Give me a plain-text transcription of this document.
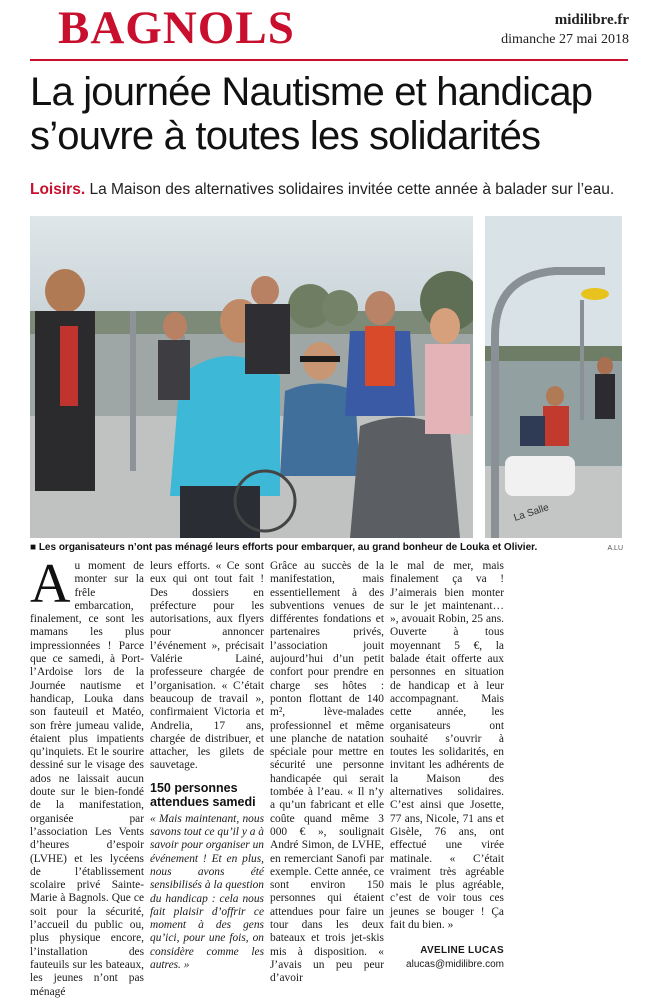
BAGNOLS	midilibre.fr
dimanche 27 mai 2018
La journée Nautisme et handicap s’ouvre à toutes les solidarités
Loisirs. La Maison des alternatives solidaires invitée cette année à balader sur l’eau.
La Salle
■ Les organisateurs n’ont pas ménagé leurs efforts pour embarquer, au grand bonheur de Louka et Olivier.	A.LU
A u moment de monter sur la frêle embarcation, finalement, ce sont les mamans les plus impressionnées ! Parce que ce samedi, à Port-l’Ardoise lors de la Journée nautisme et handicap, Louka dans son fauteuil et Matéo, son frère jumeau valide, étaient plus impatients qu’inquiets. Et le sourire dessiné sur le visage des ados ne laissait aucun doute sur le bien-fondé de la manifestation, organisée par l’association Les Vents d’heures d’espoir (LVHE) et les lycéens de l’établissement scolaire privé Sainte-Marie à Bagnols. Que ce soit pour la sécurité, l’accueil du public ou, plus physique encore, l’installation des fauteuils sur les bateaux, les jeunes n’ont pas ménagé

leurs efforts. « Ce sont eux qui ont tout fait ! Des dossiers en préfecture pour les autorisations, aux flyers pour annoncer l’événement », précisait Valérie Lainé, professeure chargée de l’organisation. « C’était beaucoup de travail », confirmaient Victoria et Andrelia, 17 ans, chargée de distribuer, et attacher, les gilets de sauvetage.

150 personnes attendues samedi

« Mais maintenant, nous savons tout ce qu’il y a à savoir pour organiser un événement ! Et en plus, nous avons été sensibilisés à la question du handicap : cela nous fait plaisir d’offrir ce moment à des gens qu’ici, pour une fois, on considère comme les autres. »

Grâce au succès de la manifestation, mais essentiellement à des subventions venues de différentes fondations et partenaires privés, l’association jouit aujourd’hui d’un petit confort pour prendre en charge ses hôtes : ponton flottant de 140 m², lève-malades professionnel et même une planche de natation spéciale pour mettre en sécurité une personne handicapée qui serait tombée à l’eau. « Il n’y a qu’un fabricant et elle coûte quand même 3 000 € », soulignait André Simon, de LVHE, en remerciant Sanofi par exemple. Cette année, ce sont environ 150 personnes qui étaient attendues pour faire un tour dans les deux bateaux et trois jet-skis mis à disposition. « J’avais un peu peur d’avoir

le mal de mer, mais finalement ça va ! J’aimerais bien monter sur le jet maintenant… », avouait Robin, 25 ans. Ouverte à tous moyennant 5 €, la balade était offerte aux personnes en situation de handicap et à leur accompagnant. Mais cette année, les organisateurs ont souhaité s’ouvrir à toutes les solidarités, en invitant les adhérents de la Maison des alternatives solidaires. C’est ainsi que Josette, 77 ans, Nicole, 71 ans et Gisèle, 76 ans, ont effectué une virée matinale. « C’était vraiment très agréable mais le plus agréable, c’est de voir tous ces jeunes se bouger ! Ça fait du bien. »

AVELINE LUCAS
alucas@midilibre.com
